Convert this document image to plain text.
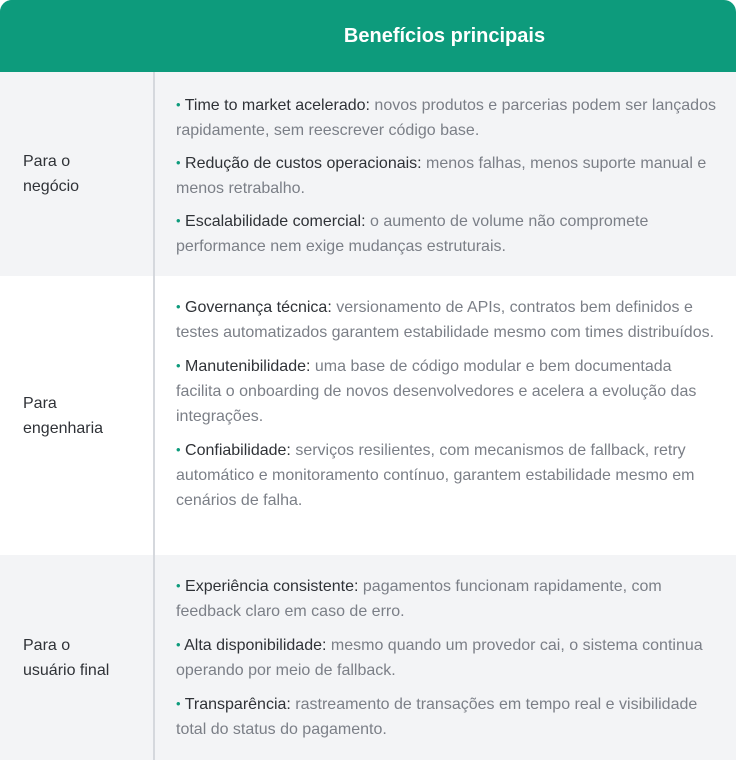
Benefícios principais
Para o
negócio

• Time to market acelerado: novos produtos e parcerias podem ser lançados rapidamente, sem reescrever código base.

• Redução de custos operacionais: menos falhas, menos suporte manual e menos retrabalho.

• Escalabilidade comercial: o aumento de volume não compromete performance nem exige mudanças estruturais.

Para
engenharia

• Governança técnica: versionamento de APIs, contratos bem definidos e testes automatizados garantem estabilidade mesmo com times distribuídos.

• Manutenibilidade: uma base de código modular e bem documentada facilita o onboarding de novos desenvolvedores e acelera a evolução das integrações.

• Confiabilidade: serviços resilientes, com mecanismos de fallback, retry automático e monitoramento contínuo, garantem estabilidade mesmo em cenários de falha.

Para o
usuário final

• Experiência consistente: pagamentos funcionam rapidamente, com feedback claro em caso de erro.

• Alta disponibilidade: mesmo quando um provedor cai, o sistema continua operando por meio de fallback.

• Transparência: rastreamento de transações em tempo real e visibilidade total do status do pagamento.
